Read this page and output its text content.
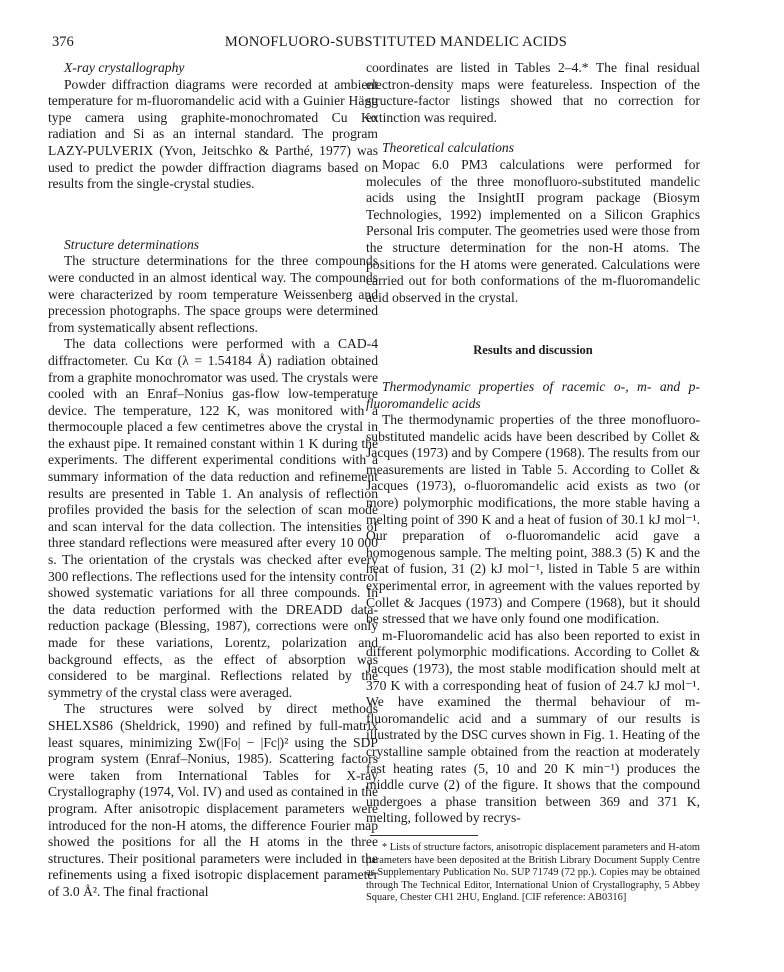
376	MONOFLUORO-SUBSTITUTED MANDELIC ACIDS

X-ray crystallography

Powder diffraction diagrams were recorded at ambient temperature for m-fluoromandelic acid with a Guinier Hägg type camera using graphite-monochromated Cu Kα radiation and Si as an internal standard. The program LAZY-PULVERIX (Yvon, Jeitschko & Parthé, 1977) was used to predict the powder diffraction diagrams based on results from the single-crystal studies.

Structure determinations

The structure determinations for the three compounds were conducted in an almost identical way. The compounds were characterized by room temperature Weissenberg and precession photographs. The space groups were determined from systematically absent reflections.

The data collections were performed with a CAD-4 diffractometer. Cu Kα (λ = 1.54184 Å) radiation obtained from a graphite monochromator was used. The crystals were cooled with an Enraf–Nonius gas-flow low-temperature device. The temperature, 122 K, was monitored with a thermocouple placed a few centimetres above the crystal in the exhaust pipe. It remained constant within 1 K during the experiments. The different experimental conditions with a summary information of the data reduction and refinement results are presented in Table 1. An analysis of reflection profiles provided the basis for the selection of scan mode and scan interval for the data collection. The intensities of three standard reflections were measured after every 10 000 s. The orientation of the crystals was checked after every 300 reflections. The reflections used for the intensity control showed systematic variations for all three compounds. In the data reduction performed with the DREADD data-reduction package (Blessing, 1987), corrections were only made for these variations, Lorentz, polarization and background effects, as the effect of absorption was considered to be marginal. Reflections related by the symmetry of the crystal class were averaged.

The structures were solved by direct methods SHELXS86 (Sheldrick, 1990) and refined by full-matrix least squares, minimizing Σw(|Fo| − |Fc|)² using the SDP program system (Enraf–Nonius, 1985). Scattering factors were taken from International Tables for X-ray Crystallography (1974, Vol. IV) and used as contained in the program. After anisotropic displacement parameters were introduced for the non-H atoms, the difference Fourier map showed the positions for all the H atoms in the three structures. Their positional parameters were included in the refinements using a fixed isotropic displacement parameter of 3.0 Å². The final fractional

coordinates are listed in Tables 2–4.* The final residual electron-density maps were featureless. Inspection of the structure-factor listings showed that no correction for extinction was required.

Theoretical calculations

Mopac 6.0 PM3 calculations were performed for molecules of the three monofluoro-substituted mandelic acids using the InsightII program package (Biosym Technologies, 1992) implemented on a Silicon Graphics Personal Iris computer. The geometries used were those from the structure determination for the non-H atoms. The positions for the H atoms were generated. Calculations were carried out for both conformations of the m-fluoromandelic acid observed in the crystal.

Results and discussion

Thermodynamic properties of racemic o-, m- and p-fluoromandelic acids

The thermodynamic properties of the three monofluoro-substituted mandelic acids have been described by Collet & Jacques (1973) and by Compere (1968). The results from our measurements are listed in Table 5. According to Collet & Jacques (1973), o-fluoromandelic acid exists as two (or more) polymorphic modifications, the more stable having a melting point of 390 K and a heat of fusion of 30.1 kJ mol⁻¹. Our preparation of o-fluoromandelic acid gave a homogenous sample. The melting point, 388.3 (5) K and the heat of fusion, 31 (2) kJ mol⁻¹, listed in Table 5 are within experimental error, in agreement with the values reported by Collet & Jacques (1973) and Compere (1968), but it should be stressed that we have only found one modification.

m-Fluoromandelic acid has also been reported to exist in different polymorphic modifications. According to Collet & Jacques (1973), the most stable modification should melt at 370 K with a corresponding heat of fusion of 24.7 kJ mol⁻¹. We have examined the thermal behaviour of m-fluoromandelic acid and a summary of our results is illustrated by the DSC curves shown in Fig. 1. Heating of the crystalline sample obtained from the reaction at moderately fast heating rates (5, 10 and 20 K min⁻¹) produces the middle curve (2) of the figure. It shows that the compound undergoes a phase transition between 369 and 371 K, melting, followed by recrys-

* Lists of structure factors, anisotropic displacement parameters and H-atom parameters have been deposited at the British Library Document Supply Centre as Supplementary Publication No. SUP 71749 (72 pp.). Copies may be obtained through The Technical Editor, International Union of Crystallography, 5 Abbey Square, Chester CH1 2HU, England. [CIF reference: AB0316]
